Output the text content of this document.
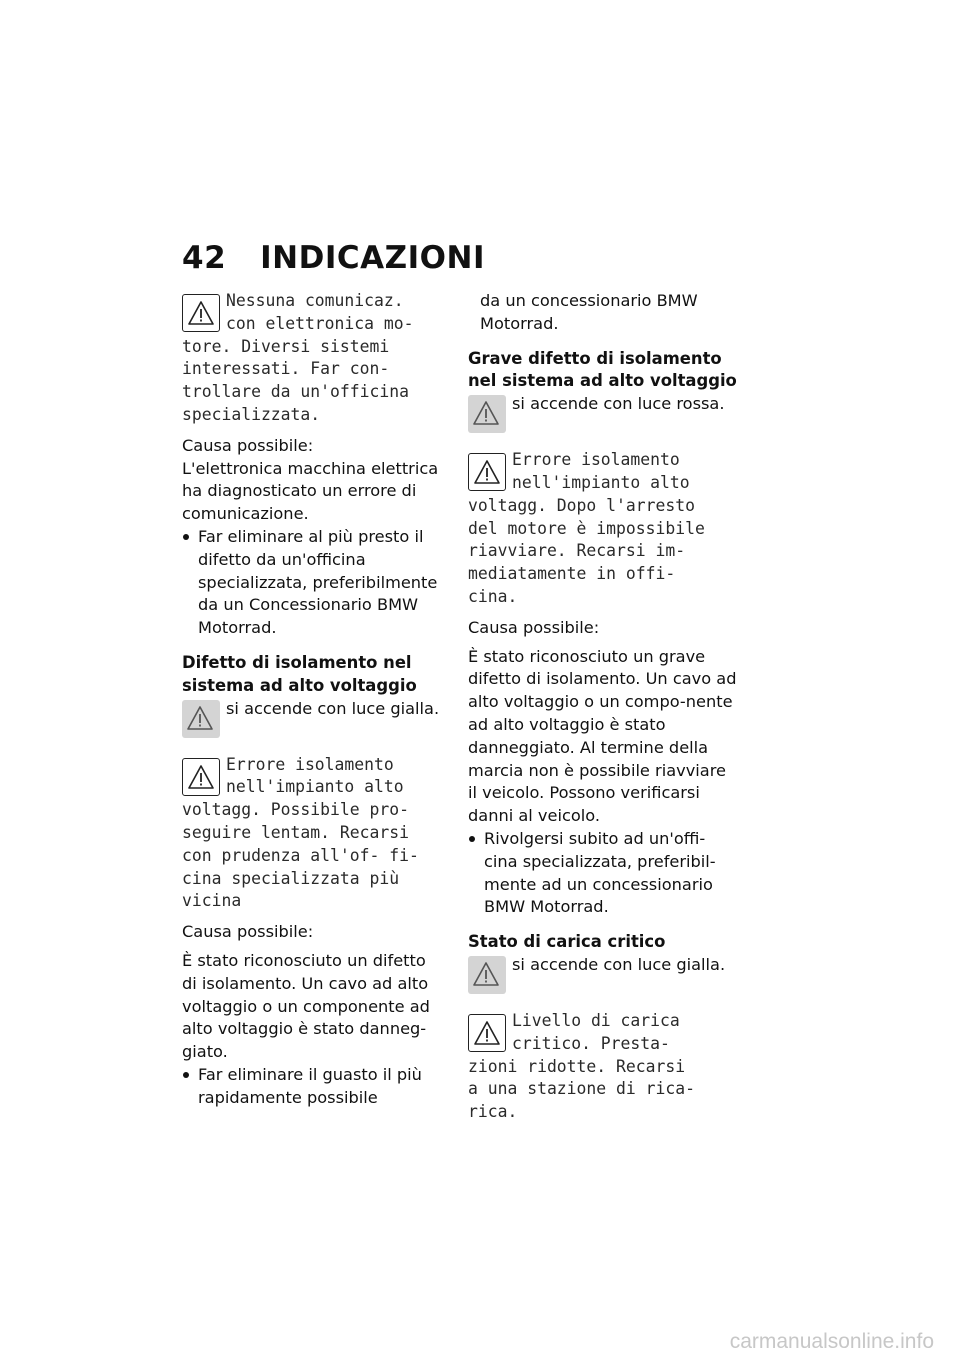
42 INDICAZIONI
Nessuna comunicaz.
con elettronica mo-
tore. Diversi sistemi
interessati. Far con-
trollare da un'officina
specializzata.
Causa possibile:
L'elettronica macchina elettrica ha diagnosticato un errore di comunicazione.
Far eliminare al più presto il difetto da un'officina specializzata, preferibilmente da un Concessionario BMW Motorrad.
Difetto di isolamento nel sistema ad alto voltaggio
si accende con luce gialla.
Errore isolamento
nell'impianto alto
voltagg. Possibile pro-
seguire lentam. Recarsi
con prudenza all'of- fi-
cina specializzata più
vicina
Causa possibile:
È stato riconosciuto un difetto di isolamento. Un cavo ad alto voltaggio o un componente ad alto voltaggio è stato danneg-giato.
Far eliminare il guasto il più rapidamente possibile
da un concessionario BMW Motorrad.
Grave difetto di isolamento nel sistema ad alto voltaggio
si accende con luce rossa.
Errore isolamento
nell'impianto alto
voltagg. Dopo l'arresto
del motore è impossibile
riavviare. Recarsi im-
mediatamente in offi-
cina.
Causa possibile:
È stato riconosciuto un grave difetto di isolamento. Un cavo ad alto voltaggio o un compo-nente ad alto voltaggio è stato danneggiato. Al termine della marcia non è possibile riavviare il veicolo. Possono verificarsi danni al veicolo.
Rivolgersi subito ad un'offi-cina specializzata, preferibil-mente ad un concessionario BMW Motorrad.
Stato di carica critico
si accende con luce gialla.
Livello di carica
critico. Presta-
zioni ridotte. Recarsi
a una stazione di rica-
rica.
carmanualsonline.info
